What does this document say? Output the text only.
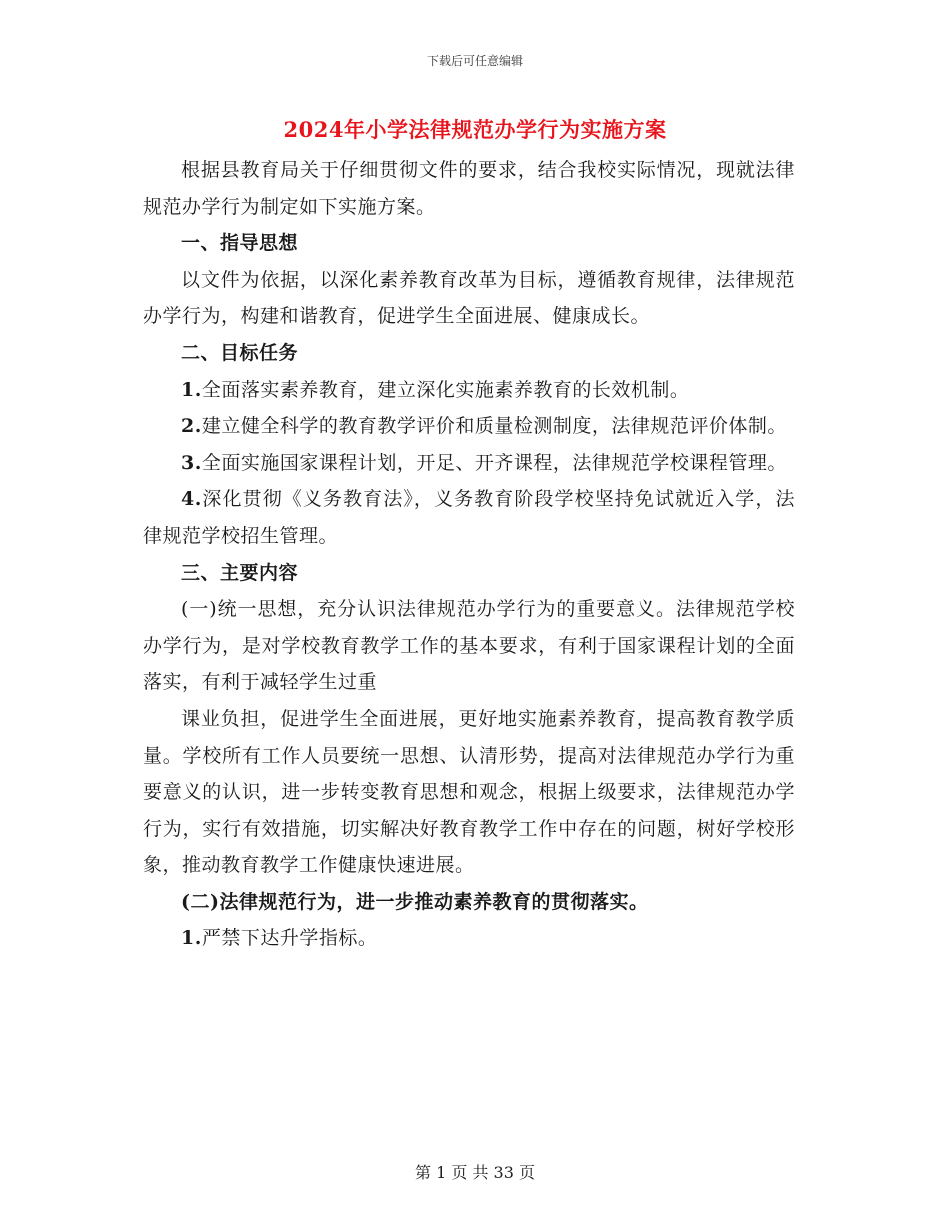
下载后可任意编辑
2024年小学法律规范办学行为实施方案

根据县教育局关于仔细贯彻文件的要求，结合我校实际情况，现就法律规范办学行为制定如下实施方案。

一、指导思想

以文件为依据，以深化素养教育改革为目标，遵循教育规律，法律规范办学行为，构建和谐教育，促进学生全面进展、健康成长。

二、目标任务

1.全面落实素养教育，建立深化实施素养教育的长效机制。

2.建立健全科学的教育教学评价和质量检测制度，法律规范评价体制。

3.全面实施国家课程计划，开足、开齐课程，法律规范学校课程管理。

4.深化贯彻《义务教育法》，义务教育阶段学校坚持免试就近入学，法律规范学校招生管理。

三、主要内容

(一)统一思想，充分认识法律规范办学行为的重要意义。法律规范学校办学行为，是对学校教育教学工作的基本要求，有利于国家课程计划的全面落实，有利于减轻学生过重

课业负担，促进学生全面进展，更好地实施素养教育，提高教育教学质量。学校所有工作人员要统一思想、认清形势，提高对法律规范办学行为重要意义的认识，进一步转变教育思想和观念，根据上级要求，法律规范办学行为，实行有效措施，切实解决好教育教学工作中存在的问题，树好学校形象，推动教育教学工作健康快速进展。

(二)法律规范行为，进一步推动素养教育的贯彻落实。

1.严禁下达升学指标。

第 1 页 共 33 页
